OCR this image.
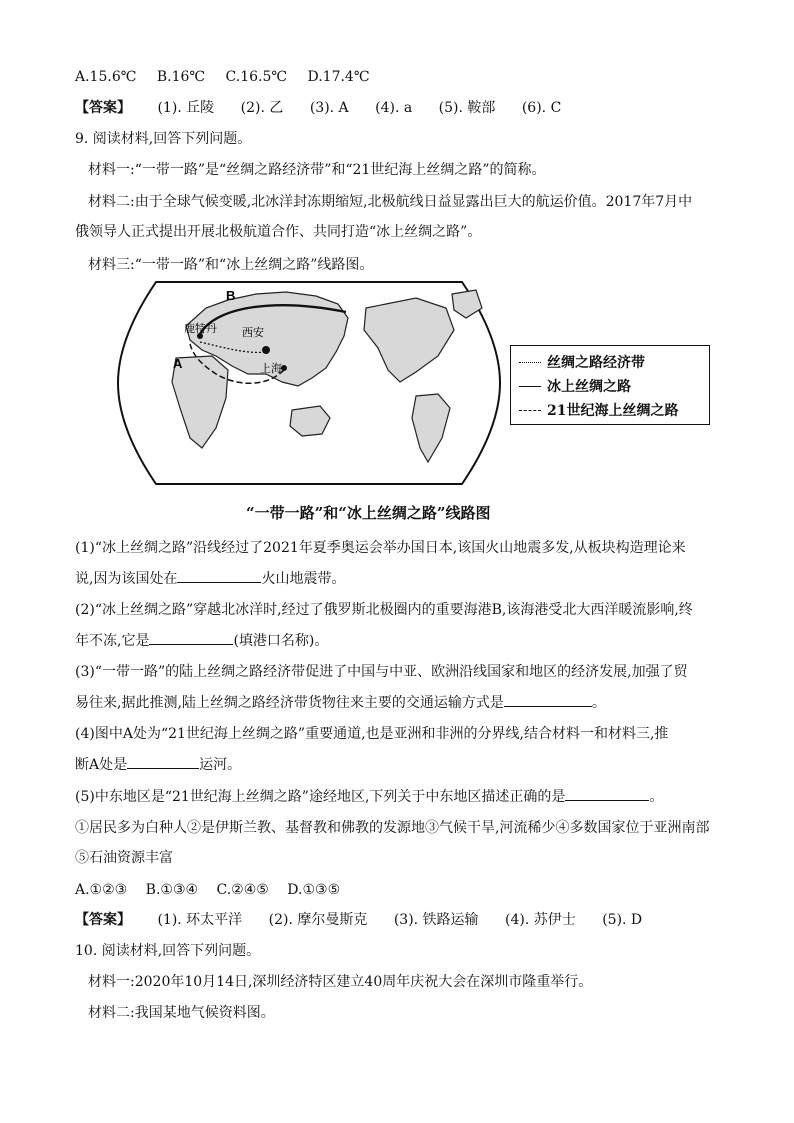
A.15.6℃ B.16℃ C.16.5℃ D.17.4℃
【答案】 (1). 丘陵 (2). 乙 (3). A (4). a (5). 鞍部 (6). C
9. 阅读材料,回答下列问题。
材料一:“一带一路”是“丝绸之路经济带”和“21世纪海上丝绸之路”的简称。
材料二:由于全球气候变暖,北冰洋封冻期缩短,北极航线日益显露出巨大的航运价值。2017年7月中
俄领导人正式提出开展北极航道合作、共同打造“冰上丝绸之路”。
材料三:“一带一路”和“冰上丝绸之路”线路图。
B
鹿特丹 西安
A	上海	丝绸之路经济带
冰上丝绸之路
21世纪海上丝绸之路
“一带一路”和“冰上丝绸之路”线路图
(1)“冰上丝绸之路”沿线经过了2021年夏季奥运会举办国日本,该国火山地震多发,从板块构造理论来
说,因为该国处在	火山地震带。
(2)“冰上丝绸之路”穿越北冰洋时,经过了俄罗斯北极圈内的重要海港B,该海港受北大西洋暖流影响,终
年不冻,它是	(填港口名称)。
(3)“一带一路”的陆上丝绸之路经济带促进了中国与中亚、欧洲沿线国家和地区的经济发展,加强了贸
易往来,据此推测,陆上丝绸之路经济带货物往来主要的交通运输方式是	。
(4)图中A处为“21世纪海上丝绸之路”重要通道,也是亚洲和非洲的分界线,结合材料一和材料三,推
断A处是	运河。
(5)中东地区是“21世纪海上丝绸之路”途经地区,下列关于中东地区描述正确的是	。
①居民多为白种人②是伊斯兰教、基督教和佛教的发源地③气候干旱,河流稀少④多数国家位于亚洲南部
⑤石油资源丰富
A.①②③ B.①③④ C.②④⑤ D.①③⑤
【答案】 (1). 环太平洋 (2). 摩尔曼斯克 (3). 铁路运输 (4). 苏伊士 (5). D
10. 阅读材料,回答下列问题。
材料一:2020年10月14日,深圳经济特区建立40周年庆祝大会在深圳市隆重举行。
材料二:我国某地气候资料图。
